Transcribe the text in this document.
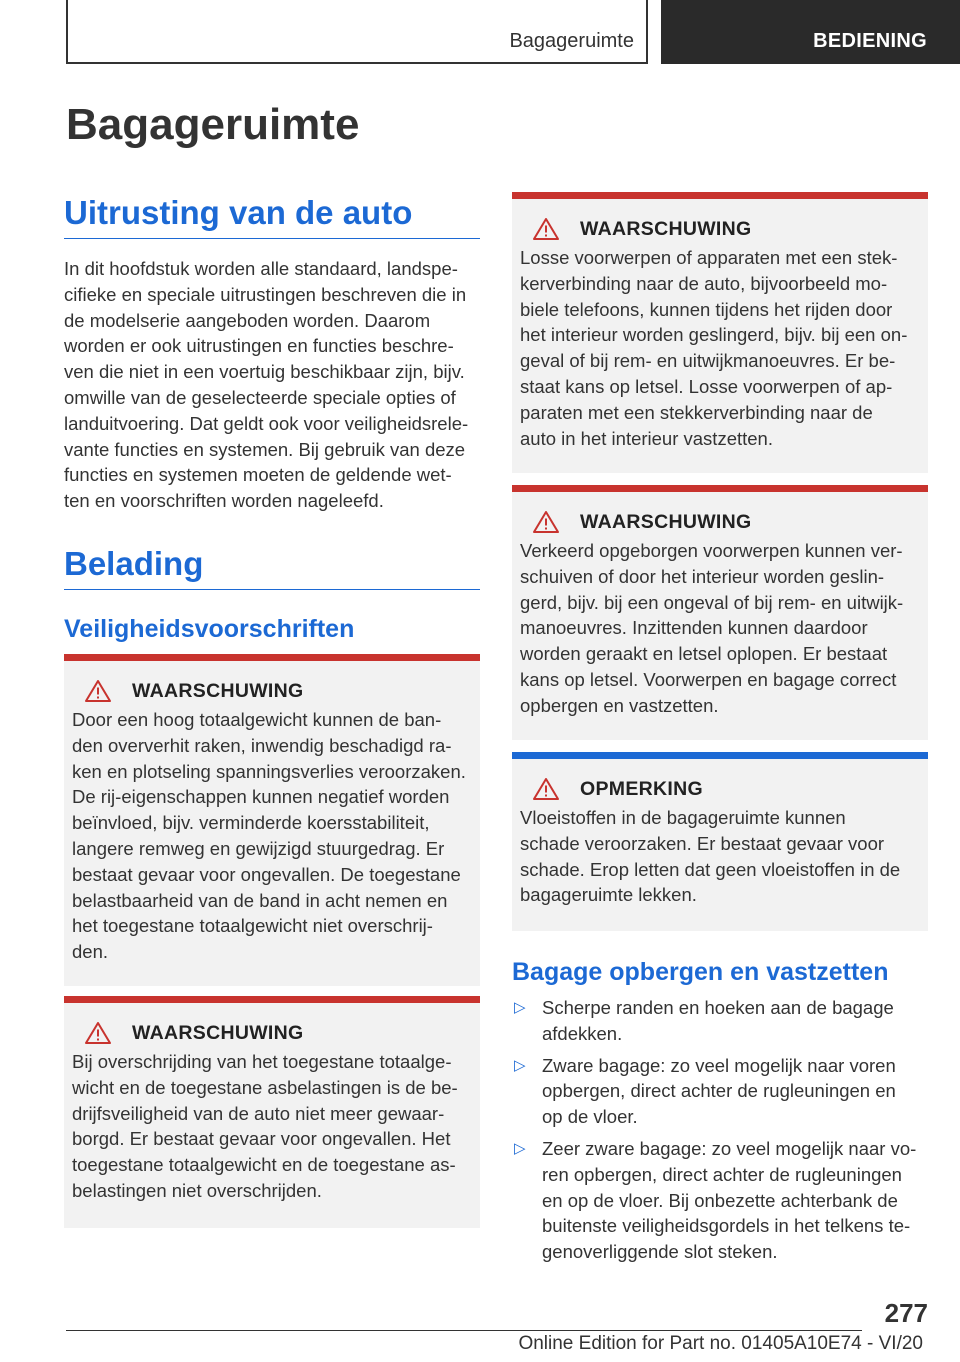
Bagageruimte	BEDIENING
Bagageruimte
Uitrusting van de auto
In dit hoofdstuk worden alle standaard, landspe-
cifieke en speciale uitrustingen beschreven die in
de modelserie aangeboden worden. Daarom
worden er ook uitrustingen en functies beschre-
ven die niet in een voertuig beschikbaar zijn, bijv.
omwille van de geselecteerde speciale opties of
landuitvoering. Dat geldt ook voor veiligheidsrele-
vante functies en systemen. Bij gebruik van deze
functies en systemen moeten de geldende wet-
ten en voorschriften worden nageleefd.
Belading
Veiligheidsvoorschriften
WAARSCHUWING
Door een hoog totaalgewicht kunnen de ban-
den oververhit raken, inwendig beschadigd ra-
ken en plotseling spanningsverlies veroorzaken.
De rij-eigenschappen kunnen negatief worden
beïnvloed, bijv. verminderde koersstabiliteit,
langere remweg en gewijzigd stuurgedrag. Er
bestaat gevaar voor ongevallen. De toegestane
belastbaarheid van de band in acht nemen en
het toegestane totaalgewicht niet overschrij-
den.
WAARSCHUWING
Bij overschrijding van het toegestane totaalge-
wicht en de toegestane asbelastingen is de be-
drijfsveiligheid van de auto niet meer gewaar-
borgd. Er bestaat gevaar voor ongevallen. Het
toegestane totaalgewicht en de toegestane as-
belastingen niet overschrijden.
WAARSCHUWING
Losse voorwerpen of apparaten met een stek-
kerverbinding naar de auto, bijvoorbeeld mo-
biele telefoons, kunnen tijdens het rijden door
het interieur worden geslingerd, bijv. bij een on-
geval of bij rem- en uitwijkmanoeuvres. Er be-
staat kans op letsel. Losse voorwerpen of ap-
paraten met een stekkerverbinding naar de
auto in het interieur vastzetten.
WAARSCHUWING
Verkeerd opgeborgen voorwerpen kunnen ver-
schuiven of door het interieur worden geslin-
gerd, bijv. bij een ongeval of bij rem- en uitwijk-
manoeuvres. Inzittenden kunnen daardoor
worden geraakt en letsel oplopen. Er bestaat
kans op letsel. Voorwerpen en bagage correct
opbergen en vastzetten.
OPMERKING
Vloeistoffen in de bagageruimte kunnen
schade veroorzaken. Er bestaat gevaar voor
schade. Erop letten dat geen vloeistoffen in de
bagageruimte lekken.
Bagage opbergen en vastzetten
▷ Scherpe randen en hoeken aan de bagage
afdekken.
▷ Zware bagage: zo veel mogelijk naar voren
opbergen, direct achter de rugleuningen en
op de vloer.
▷ Zeer zware bagage: zo veel mogelijk naar vo-
ren opbergen, direct achter de rugleuningen
en op de vloer. Bij onbezette achterbank de
buitenste veiligheidsgordels in het telkens te-
genoverliggende slot steken.
277
Online Edition for Part no. 01405A10E74 - VI/20
